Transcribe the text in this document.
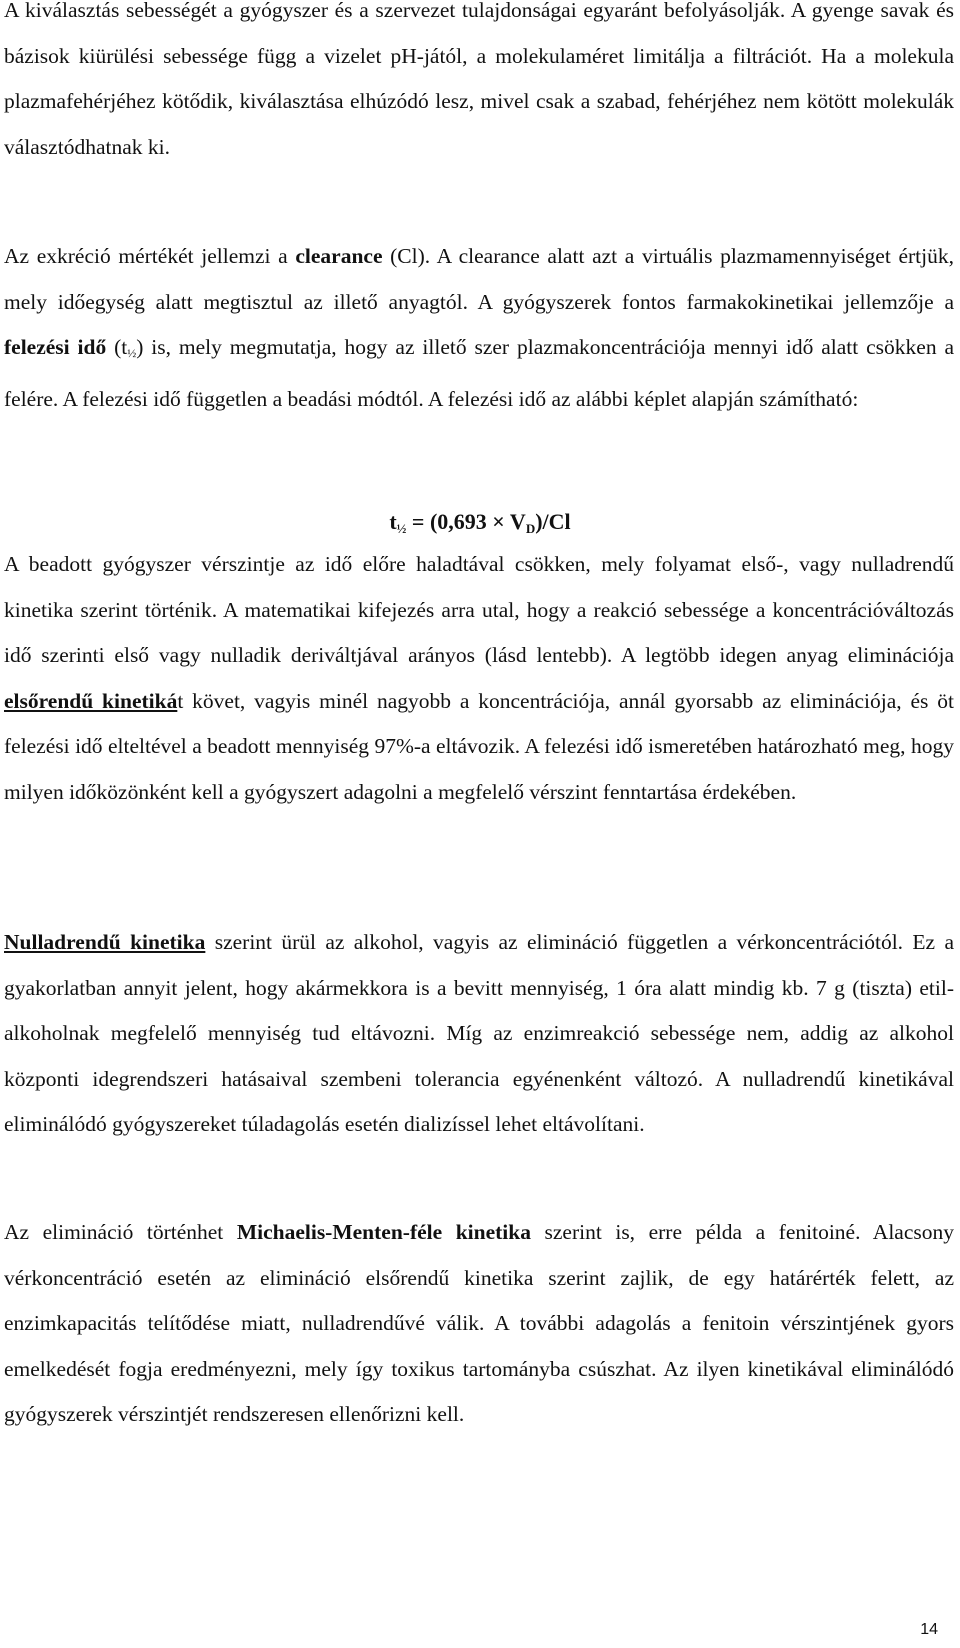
A kiválasztás sebességét a gyógyszer és a szervezet tulajdonságai egyaránt befolyásolják. A gyenge savak és bázisok kiürülési sebessége függ a vizelet pH-jától, a molekulaméret limitálja a filtrációt. Ha a molekula plazmafehérjéhez kötődik, kiválasztása elhúzódó lesz, mivel csak a szabad, fehérjéhez nem kötött molekulák választódhatnak ki.

Az exkréció mértékét jellemzi a clearance (Cl). A clearance alatt azt a virtuális plazmamennyiséget értjük, mely időegység alatt megtisztul az illető anyagtól. A gyógyszerek fontos farmakokinetikai jellemzője a felezési idő (t½) is, mely megmutatja, hogy az illető szer plazmakoncentrációja mennyi idő alatt csökken a felére. A felezési idő független a beadási módtól. A felezési idő az alábbi képlet alapján számítható:

$t_{\frac{1}{2}} = (0,693 \times V_D)/Cl$

A beadott gyógyszer vérszintje az idő előre haladtával csökken, mely folyamat első-, vagy nulladrendű kinetika szerint történik. A matematikai kifejezés arra utal, hogy a reakció sebessége a koncentrációváltozás idő szerinti első vagy nulladik deriváltjával arányos (lásd lentebb). A legtöbb idegen anyag eliminációja elsőrendű kinetikát követ, vagyis minél nagyobb a koncentrációja, annál gyorsabb az eliminációja, és öt felezési idő elteltével a beadott mennyiség 97%-a eltávozik. A felezési idő ismeretében határozható meg, hogy milyen időközönként kell a gyógyszert adagolni a megfelelő vérszint fenntartása érdekében.

Nulladrendű kinetika szerint ürül az alkohol, vagyis az elimináció független a vérkoncentrációtól. Ez a gyakorlatban annyit jelent, hogy akármekkora is a bevitt mennyiség, 1 óra alatt mindig kb. 7 g (tiszta) etil-alkoholnak megfelelő mennyiség tud eltávozni. Míg az enzimreakció sebessége nem, addig az alkohol központi idegrendszeri hatásaival szembeni tolerancia egyénenként változó. A nulladrendű kinetikával eliminálódó gyógyszereket túladagolás esetén dializíssel lehet eltávolítani.

Az elimináció történhet Michaelis-Menten-féle kinetika szerint is, erre példa a fenitoiné. Alacsony vérkoncentráció esetén az elimináció elsőrendű kinetika szerint zajlik, de egy határérték felett, az enzimkapacitás telítődése miatt, nulladrendűvé válik. A további adagolás a fenitoin vérszintjének gyors emelkedését fogja eredményezni, mely így toxikus tartományba csúszhat. Az ilyen kinetikával eliminálódó gyógyszerek vérszintjét rendszeresen ellenőrizni kell.

14
